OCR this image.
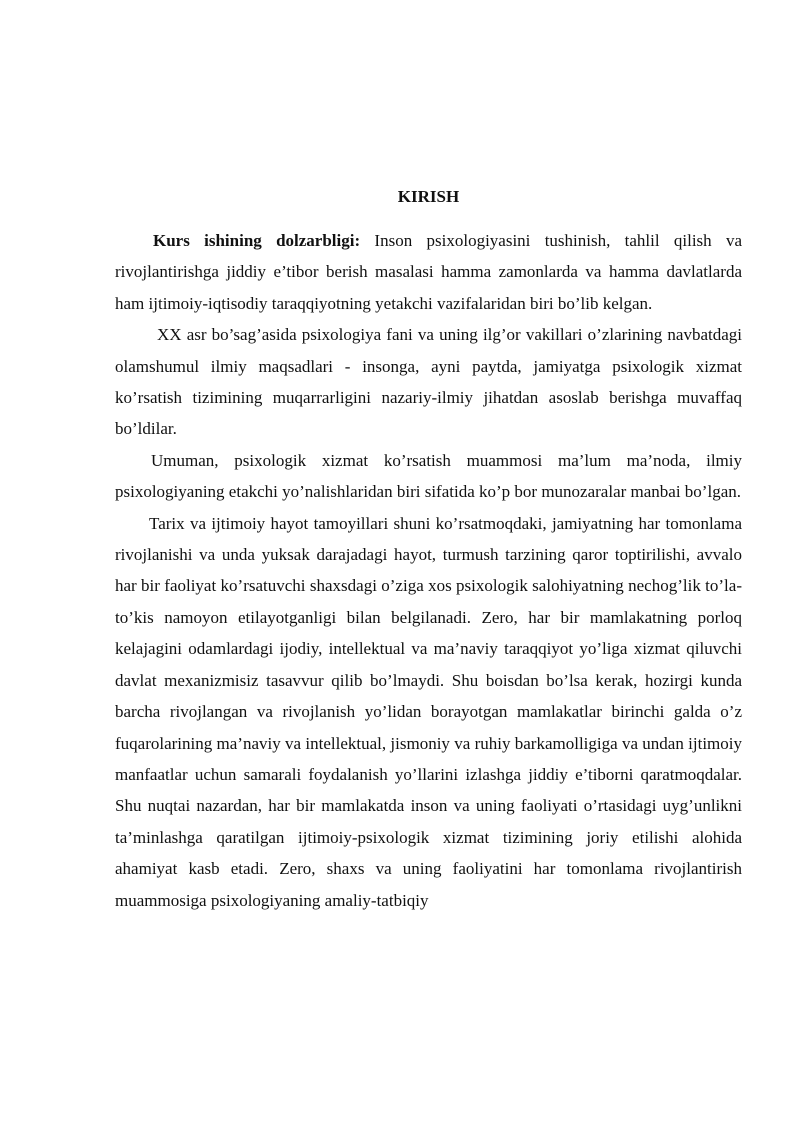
KIRISH

Kurs ishining dolzarbligi: Inson psixologiyasini tushinish, tahlil qilish va rivojlantirishga jiddiy e’tibor berish masalasi hamma zamonlarda va hamma davlatlarda ham ijtimoiy-iqtisodiy taraqqiyotning yetakchi vazifalaridan biri bo’lib kelgan.

XX asr bo’sag’asida psixologiya fani va uning ilg’or vakillari o’zlarining navbatdagi olamshumul ilmiy maqsadlari - insonga, ayni paytda, jamiyatga psixologik xizmat ko’rsatish tizimining muqarrarligini nazariy-ilmiy jihatdan asoslab berishga muvaffaq bo’ldilar.

Umuman, psixologik xizmat ko’rsatish muammosi ma’lum ma’noda, ilmiy psixologiyaning etakchi yo’nalishlaridan biri sifatida ko’p bor munozaralar manbai bo’lgan.

Tarix va ijtimoiy hayot tamoyillari shuni ko’rsatmoqdaki, jamiyatning har tomonlama rivojlanishi va unda yuksak darajadagi hayot, turmush tarzining qaror toptirilishi, avvalo har bir faoliyat ko’rsatuvchi shaxsdagi o’ziga xos psixologik salohiyatning nechog’lik to’la-to’kis namoyon etilayotganligi bilan belgilanadi. Zero, har bir mamlakatning porloq kelajagini odamlardagi ijodiy, intellektual va ma’naviy taraqqiyot yo’liga xizmat qiluvchi davlat mexanizmisiz tasavvur qilib bo’lmaydi. Shu boisdan bo’lsa kerak, hozirgi kunda barcha rivojlangan va rivojlanish yo’lidan borayotgan mamlakatlar birinchi galda o’z fuqarolarining ma’naviy va intellektual, jismoniy va ruhiy barkamolligiga va undan ijtimoiy manfaatlar uchun samarali foydalanish yo’llarini izlashga jiddiy e’tiborni qaratmoqdalar. Shu nuqtai nazardan, har bir mamlakatda inson va uning faoliyati o’rtasidagi uyg’unlikni ta’minlashga qaratilgan ijtimoiy-psixologik xizmat tizimining joriy etilishi alohida ahamiyat kasb etadi. Zero, shaxs va uning faoliyatini har tomonlama rivojlantirish muammosiga psixologiyaning amaliy-tatbiqiy
